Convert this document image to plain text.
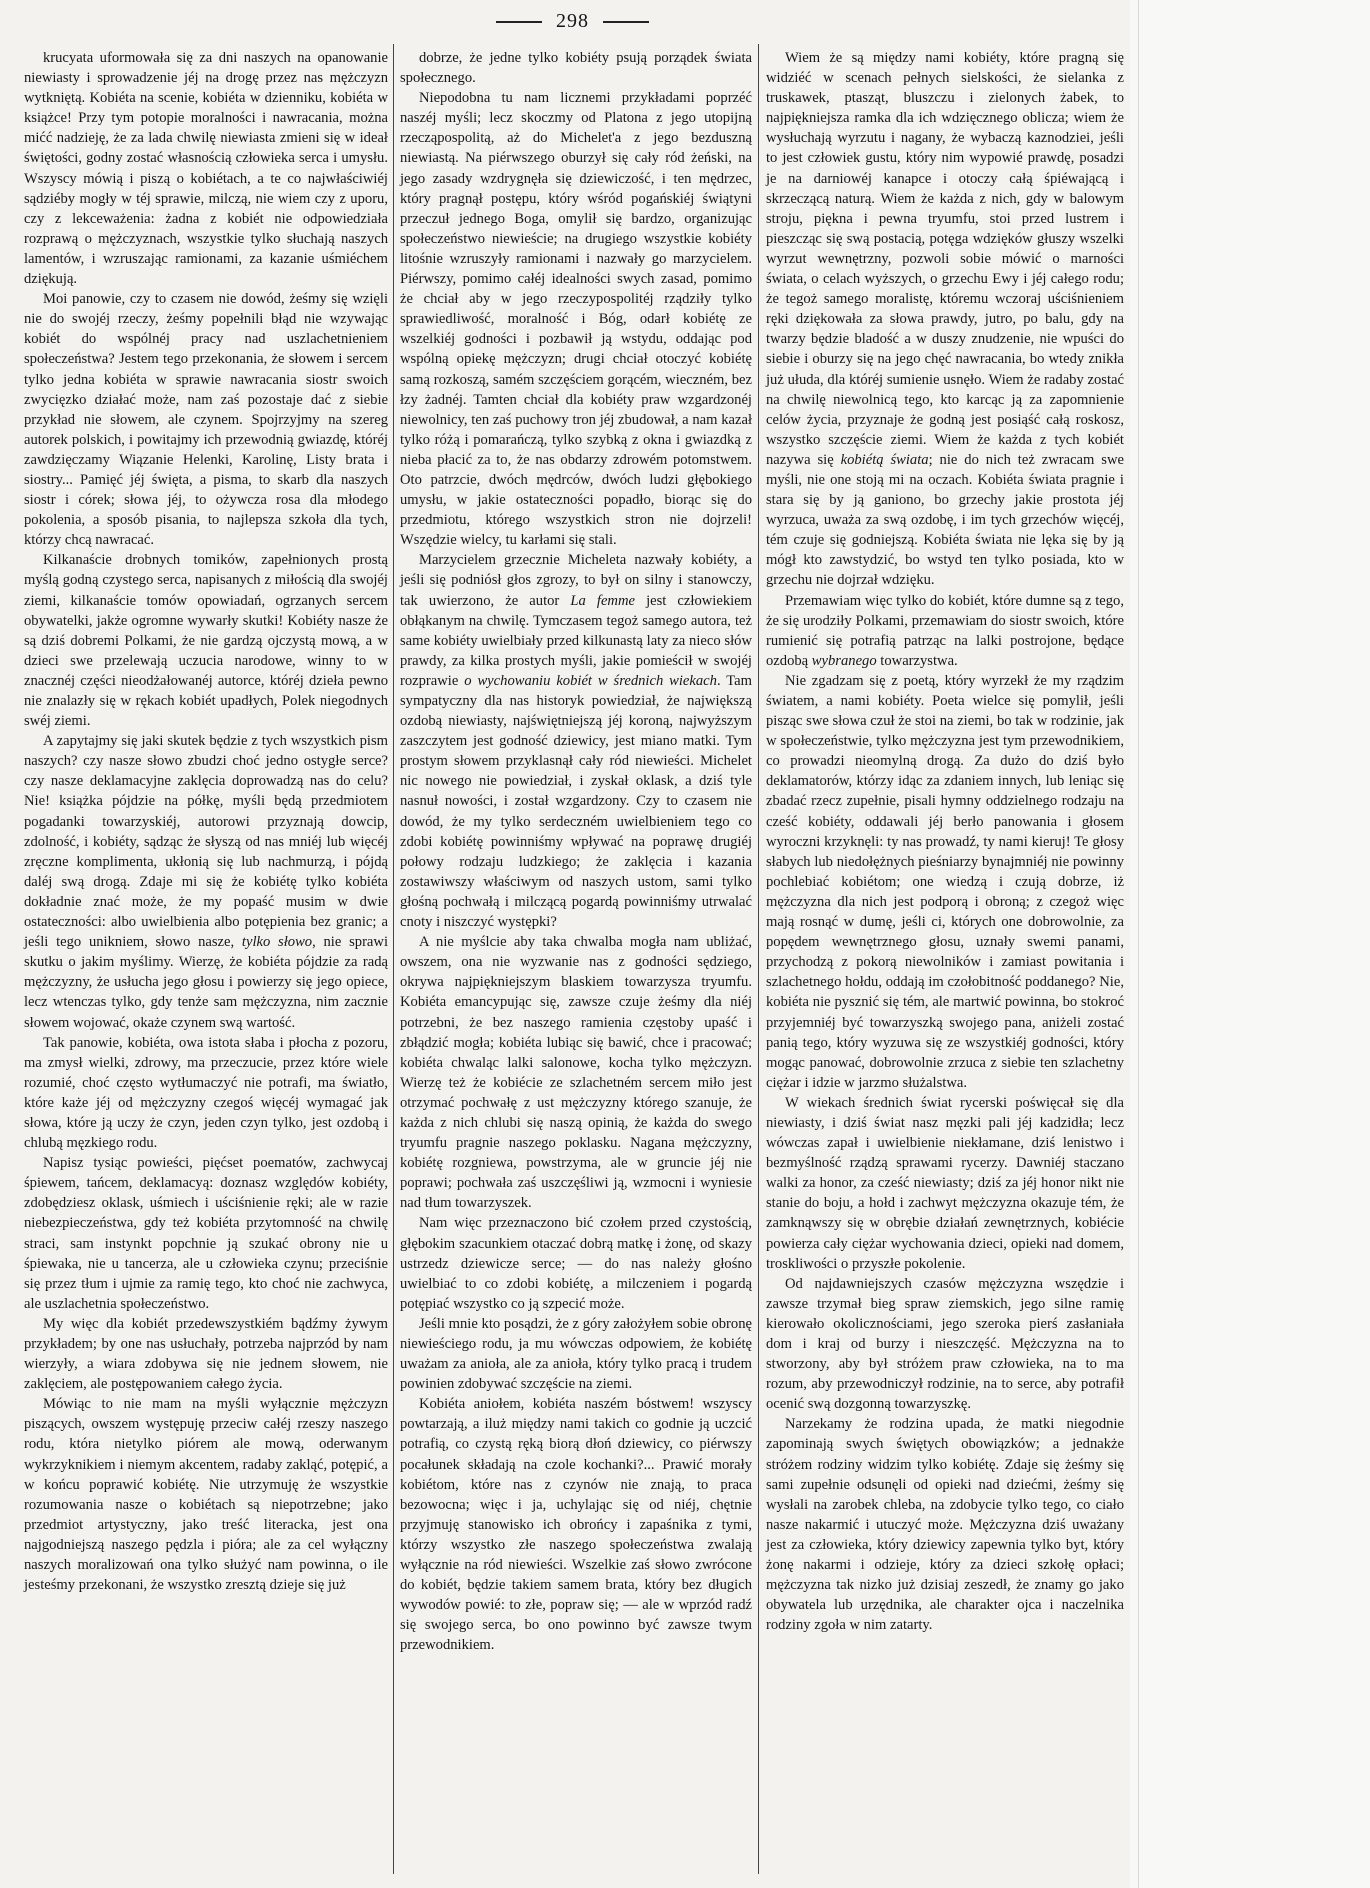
298

krucyata uformowała się za dni naszych na opanowanie niewiasty i sprowadzenie jéj na drogę przez nas mężczyzn wytkniętą. Kobiéta na scenie, kobiéta w dzienniku, kobiéta w książce! Przy tym potopie moralności i nawracania, można mićć nadzieję, że za lada chwilę niewiasta zmieni się w ideał świętości, godny zostać własnością człowieka serca i umysłu. Wszyscy mówią i piszą o kobiétach, a te co najwłaściwiéj sądziéby mogły w téj sprawie, milczą, nie wiem czy z uporu, czy z lekceważenia: żadna z kobiét nie odpowiedziała rozprawą o mężczyznach, wszystkie tylko słuchają naszych lamentów, i wzruszając ramionami, za kazanie uśmiéchem dziękują.

Moi panowie, czy to czasem nie dowód, żeśmy się wzięli nie do swojéj rzeczy, żeśmy popełnili błąd nie wzywając kobiét do wspólnéj pracy nad uszlachetnieniem społeczeństwa? Jestem tego przekonania, że słowem i sercem tylko jedna kobiéta w sprawie nawracania siostr swoich zwycięzko działać może, nam zaś pozostaje dać z siebie przykład nie słowem, ale czynem. Spojrzyjmy na szereg autorek polskich, i powitajmy ich przewodnią gwiazdę, któréj zawdzięczamy Wiązanie Helenki, Karolinę, Listy brata i siostry... Pamięć jéj święta, a pisma, to skarb dla naszych siostr i córek; słowa jéj, to ożywcza rosa dla młodego pokolenia, a sposób pisania, to najlepsza szkoła dla tych, którzy chcą nawracać.

Kilkanaście drobnych tomików, zapełnionych prostą myślą godną czystego serca, napisanych z miłością dla swojéj ziemi, kilkanaście tomów opowiadań, ogrzanych sercem obywatelki, jakże ogromne wywarły skutki! Kobiéty nasze że są dziś dobremi Polkami, że nie gardzą ojczystą mową, a w dzieci swe przelewają uczucia narodowe, winny to w znacznéj części nieodżałowanéj autorce, któréj dzieła pewno nie znalazły się w rękach kobiét upadłych, Polek niegodnych swéj ziemi.

A zapytajmy się jaki skutek będzie z tych wszystkich pism naszych? czy nasze słowo zbudzi choć jedno ostygłe serce? czy nasze deklamacyjne zaklęcia doprowadzą nas do celu? Nie! książka pójdzie na półkę, myśli będą przedmiotem pogadanki towarzyskiéj, autorowi przyznają dowcip, zdolność, i kobiéty, sądząc że słyszą od nas mniéj lub więcéj zręczne komplimenta, ukłonią się lub nachmurzą, i pójdą daléj swą drogą. Zdaje mi się że kobiétę tylko kobiéta dokładnie znać może, że my popaść musim w dwie ostateczności: albo uwielbienia albo potępienia bez granic; a jeśli tego unikniem, słowo nasze, tylko słowo, nie sprawi skutku o jakim myślimy. Wierzę, że kobiéta pójdzie za radą mężczyzny, że usłucha jego głosu i powierzy się jego opiece, lecz wtenczas tylko, gdy tenże sam mężczyzna, nim zacznie słowem wojować, okaże czynem swą wartość.

Tak panowie, kobiéta, owa istota słaba i płocha z pozoru, ma zmysł wielki, zdrowy, ma przeczucie, przez które wiele rozumié, choć często wytłumaczyć nie potrafi, ma światło, które każe jéj od mężczyzny czegoś więcéj wymagać jak słowa, które ją uczy że czyn, jeden czyn tylko, jest ozdobą i chlubą męzkiego rodu.

Napisz tysiąc powieści, pięćset poematów, zachwycaj śpiewem, tańcem, deklamacyą: doznasz względów kobiéty, zdobędziesz oklask, uśmiech i uściśnienie ręki; ale w razie niebezpieczeństwa, gdy też kobiéta przytomność na chwilę straci, sam instynkt popchnie ją szukać obrony nie u śpiewaka, nie u tancerza, ale u człowieka czynu; przeciśnie się przez tłum i ujmie za ramię tego, kto choć nie zachwyca, ale uszlachetnia społeczeństwo.

My więc dla kobiét przedewszystkiém bądźmy żywym przykładem; by one nas usłuchały, potrzeba najprzód by nam wierzyły, a wiara zdobywa się nie jednem słowem, nie zaklęciem, ale postępowaniem całego życia.

Mówiąc to nie mam na myśli wyłącznie mężczyzn piszących, owszem występuję przeciw całéj rzeszy naszego rodu, która nietylko piórem ale mową, oderwanym wykrzyknikiem i niemym akcentem, radaby zakląć, potępić, a w końcu poprawić kobiétę. Nie utrzymuję że wszystkie rozumowania nasze o kobiétach są niepotrzebne; jako przedmiot artystyczny, jako treść literacka, jest ona najgodniejszą naszego pędzla i pióra; ale za cel wyłączny naszych moralizowań ona tylko służyć nam powinna, o ile jesteśmy przekonani, że wszystko zresztą dzieje się już

dobrze, że jedne tylko kobiéty psują porządek świata społecznego.

Niepodobna tu nam licznemi przykładami poprzéć naszéj myśli; lecz skoczmy od Platona z jego utopijną rzecząpospolitą, aż do Michelet'a z jego bezduszną niewiastą. Na piérwszego oburzył się cały ród żeński, na jego zasady wzdrygnęła się dziewiczość, i ten mędrzec, który pragnął postępu, który wśród pogańskiéj świątyni przeczuł jednego Boga, omylił się bardzo, organizując społeczeństwo niewieście; na drugiego wszystkie kobiéty litośnie wzruszyły ramionami i nazwały go marzycielem. Piérwszy, pomimo całéj idealności swych zasad, pomimo że chciał aby w jego rzeczypospolitéj rządziły tylko sprawiedliwość, moralność i Bóg, odarł kobiétę ze wszelkiéj godności i pozbawił ją wstydu, oddając pod wspólną opiekę mężczyzn; drugi chciał otoczyć kobiétę samą rozkoszą, samém szczęściem gorącém, wieczném, bez łzy żadnéj. Tamten chciał dla kobiéty praw wzgardzonéj niewolnicy, ten zaś puchowy tron jéj zbudował, a nam kazał tylko różą i pomarańczą, tylko szybką z okna i gwiazdką z nieba płacić za to, że nas obdarzy zdrowém potomstwem. Oto patrzcie, dwóch mędrców, dwóch ludzi głębokiego umysłu, w jakie ostateczności popadło, biorąc się do przedmiotu, którego wszystkich stron nie dojrzeli! Wszędzie wielcy, tu karłami się stali.

Marzycielem grzecznie Micheleta nazwały kobiéty, a jeśli się podniósł głos zgrozy, to był on silny i stanowczy, tak uwierzono, że autor La femme jest człowiekiem obłąkanym na chwilę. Tymczasem tegoż samego autora, też same kobiéty uwielbiały przed kilkunastą laty za nieco słów prawdy, za kilka prostych myśli, jakie pomieścił w swojéj rozprawie o wychowaniu kobiét w średnich wiekach. Tam sympatyczny dla nas historyk powiedział, że największą ozdobą niewiasty, najświętniejszą jéj koroną, najwyższym zaszczytem jest godność dziewicy, jest miano matki. Tym prostym słowem przyklasnął cały ród niewieści. Michelet nic nowego nie powiedział, i zyskał oklask, a dziś tyle nasnuł nowości, i został wzgardzony. Czy to czasem nie dowód, że my tylko serdeczném uwielbieniem tego co zdobi kobiétę powinniśmy wpływać na poprawę drugiéj połowy rodzaju ludzkiego; że zaklęcia i kazania zostawiwszy właściwym od naszych ustom, sami tylko głośną pochwałą i milczącą pogardą powinniśmy utrwalać cnoty i niszczyć występki?

A nie myślcie aby taka chwalba mogła nam ubliżać, owszem, ona nie wyzwanie nas z godności sędziego, okrywa najpiękniejszym blaskiem towarzysza tryumfu. Kobiéta emancypując się, zawsze czuje żeśmy dla niéj potrzebni, że bez naszego ramienia częstoby upaść i zbłądzić mogła; kobiéta lubiąc się bawić, chce i pracować; kobiéta chwaląc lalki salonowe, kocha tylko mężczyzn. Wierzę też że kobiécie ze szlachetném sercem miło jest otrzymać pochwałę z ust mężczyzny którego szanuje, że każda z nich chlubi się naszą opinią, że każda do swego tryumfu pragnie naszego poklasku. Nagana mężczyzny, kobiétę rozgniewa, powstrzyma, ale w gruncie jéj nie poprawi; pochwała zaś uszczęśliwi ją, wzmocni i wyniesie nad tłum towarzyszek.

Nam więc przeznaczono bić czołem przed czystością, głębokim szacunkiem otaczać dobrą matkę i żonę, od skazy ustrzedz dziewicze serce; — do nas należy głośno uwielbiać to co zdobi kobiétę, a milczeniem i pogardą potępiać wszystko co ją szpecić może.

Jeśli mnie kto posądzi, że z góry założyłem sobie obronę niewieściego rodu, ja mu wówczas odpowiem, że kobiétę uważam za anioła, ale za anioła, który tylko pracą i trudem powinien zdobywać szczęście na ziemi.

Kobiéta aniołem, kobiéta naszém bóstwem! wszyscy powtarzają, a iluż między nami takich co godnie ją uczcić potrafią, co czystą ręką biorą dłoń dziewicy, co piérwszy pocałunek składają na czole kochanki?... Prawić morały kobiétom, które nas z czynów nie znają, to praca bezowocna; więc i ja, uchylając się od niéj, chętnie przyjmuję stanowisko ich obrońcy i zapaśnika z tymi, którzy wszystko złe naszego społeczeństwa zwalają wyłącznie na ród niewieści. Wszelkie zaś słowo zwrócone do kobiét, będzie takiem samem brata, który bez długich wywodów powié: to złe, popraw się; — ale w wprzód radź się swojego serca, bo ono powinno być zawsze twym przewodnikiem.

Wiem że są między nami kobiéty, które pragną się widziéć w scenach pełnych sielskości, że sielanka z truskawek, ptasząt, bluszczu i zielonych żabek, to najpiękniejsza ramka dla ich wdzięcznego oblicza; wiem że wysłuchają wyrzutu i nagany, że wybaczą kaznodziei, jeśli to jest człowiek gustu, który nim wypowié prawdę, posadzi je na darniowéj kanapce i otoczy całą śpiéwającą i skrzeczącą naturą. Wiem że każda z nich, gdy w balowym stroju, piękna i pewna tryumfu, stoi przed lustrem i pieszcząc się swą postacią, potęga wdzięków głuszy wszelki wyrzut wewnętrzny, pozwoli sobie mówić o marności świata, o celach wyższych, o grzechu Ewy i jéj całego rodu; że tegoż samego moralistę, któremu wczoraj uściśnieniem ręki dziękowała za słowa prawdy, jutro, po balu, gdy na twarzy będzie bladość a w duszy znudzenie, nie wpuści do siebie i oburzy się na jego chęć nawracania, bo wtedy znikła już ułuda, dla któréj sumienie usnęło. Wiem że radaby zostać na chwilę niewolnicą tego, kto karcąc ją za zapomnienie celów życia, przyznaje że godną jest posiąść całą roskosz, wszystko szczęście ziemi. Wiem że każda z tych kobiét nazywa się kobiétą świata; nie do nich też zwracam swe myśli, nie one stoją mi na oczach. Kobiéta świata pragnie i stara się by ją ganiono, bo grzechy jakie prostota jéj wyrzuca, uważa za swą ozdobę, i im tych grzechów więcéj, tém czuje się godniejszą. Kobiéta świata nie lęka się by ją mógł kto zawstydzić, bo wstyd ten tylko posiada, kto w grzechu nie dojrzał wdzięku.

Przemawiam więc tylko do kobiét, które dumne są z tego, że się urodziły Polkami, przemawiam do siostr swoich, które rumienić się potrafią patrząc na lalki postrojone, będące ozdobą wybranego towarzystwa.

Nie zgadzam się z poetą, który wyrzekł że my rządzim światem, a nami kobiéty. Poeta wielce się pomylił, jeśli pisząc swe słowa czuł że stoi na ziemi, bo tak w rodzinie, jak w społeczeństwie, tylko mężczyzna jest tym przewodnikiem, co prowadzi nieomylną drogą. Za dużo do dziś było deklamatorów, którzy idąc za zdaniem innych, lub leniąc się zbadać rzecz zupełnie, pisali hymny oddzielnego rodzaju na cześć kobiéty, oddawali jéj berło panowania i głosem wyroczni krzyknęli: ty nas prowadź, ty nami kieruj! Te głosy słabych lub niedołężnych pieśniarzy bynajmniéj nie powinny pochlebiać kobiétom; one wiedzą i czują dobrze, iż mężczyzna dla nich jest podporą i obroną; z czegoż więc mają rosnąć w dumę, jeśli ci, których one dobrowolnie, za popędem wewnętrznego głosu, uznały swemi panami, przychodzą z pokorą niewolników i zamiast powitania i szlachetnego hołdu, oddają im czołobitność poddanego? Nie, kobiéta nie pysznić się tém, ale martwić powinna, bo stokroć przyjemniéj być towarzyszką swojego pana, aniżeli zostać panią tego, który wyzuwa się ze wszystkiéj godności, który mogąc panować, dobrowolnie zrzuca z siebie ten szlachetny ciężar i idzie w jarzmo służalstwa.

W wiekach średnich świat rycerski poświęcał się dla niewiasty, i dziś świat nasz męzki pali jéj kadzidła; lecz wówczas zapał i uwielbienie niekłamane, dziś lenistwo i bezmyślność rządzą sprawami rycerzy. Dawniéj staczano walki za honor, za cześć niewiasty; dziś za jéj honor nikt nie stanie do boju, a hołd i zachwyt mężczyzna okazuje tém, że zamknąwszy się w obrębie działań zewnętrznych, kobiécie powierza cały ciężar wychowania dzieci, opieki nad domem, troskliwości o przyszłe pokolenie.

Od najdawniejszych czasów mężczyzna wszędzie i zawsze trzymał bieg spraw ziemskich, jego silne ramię kierowało okolicznościami, jego szeroka pierś zasłaniała dom i kraj od burzy i nieszczęść. Mężczyzna na to stworzony, aby był stróżem praw człowieka, na to ma rozum, aby przewodniczył rodzinie, na to serce, aby potrafił ocenić swą dozgonną towarzyszkę.

Narzekamy że rodzina upada, że matki niegodnie zapominają swych świętych obowiązków; a jednakże stróżem rodziny widzim tylko kobiétę. Zdaje się żeśmy się sami zupełnie odsunęli od opieki nad dziećmi, żeśmy się wysłali na zarobek chleba, na zdobycie tylko tego, co ciało nasze nakarmić i utuczyć może. Mężczyzna dziś uważany jest za człowieka, który dziewicy zapewnia tylko byt, który żonę nakarmi i odzieje, który za dzieci szkołę opłaci; mężczyzna tak nizko już dzisiaj zeszedł, że znamy go jako obywatela lub urzędnika, ale charakter ojca i naczelnika rodziny zgoła w nim zatarty.
